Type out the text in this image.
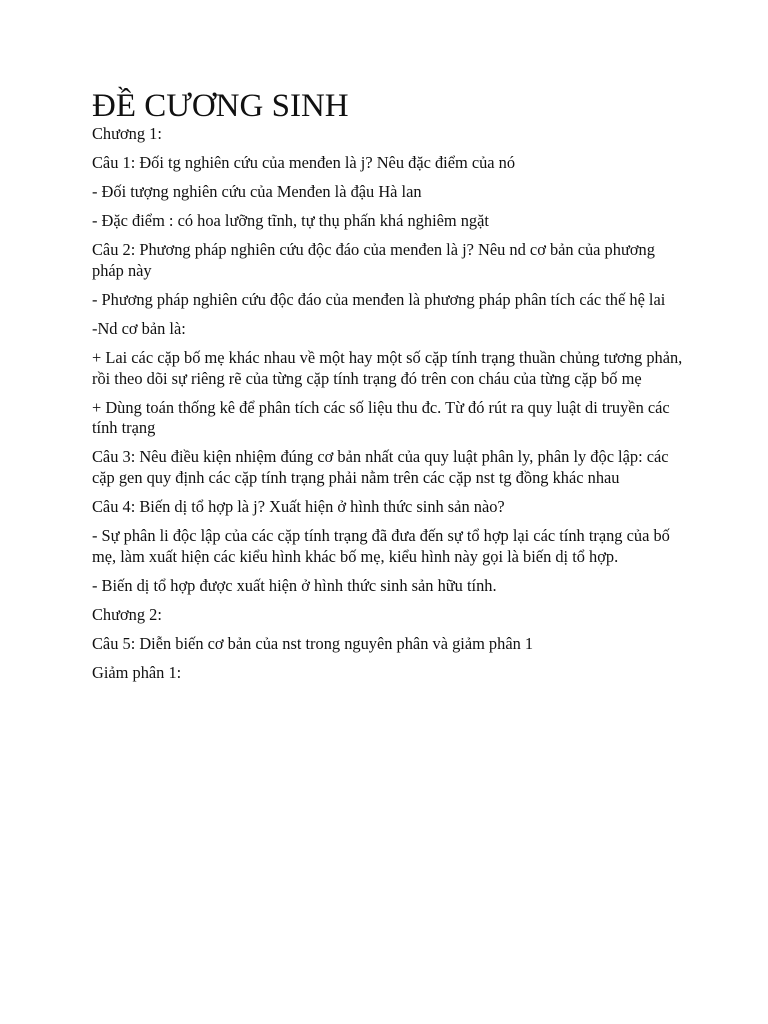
ĐỀ CƯƠNG SINH

Chương 1:

Câu 1: Đối tg nghiên cứu của menđen là j? Nêu đặc điểm của nó

- Đối tượng nghiên cứu của Menđen là đậu Hà lan

- Đặc điểm : có hoa lưỡng tĩnh, tự thụ phấn khá nghiêm ngặt

Câu 2: Phương pháp nghiên cứu độc đáo của menđen là j? Nêu nd cơ bản của phương pháp này

- Phương pháp nghiên cứu độc đáo của menđen là phương pháp phân tích các thế hệ lai

-Nd cơ bản là:

+ Lai các cặp bố mẹ khác nhau về một hay một số cặp tính trạng thuần chủng tương phản, rồi theo dõi sự riêng rẽ của từng cặp tính trạng đó trên con cháu của từng cặp bố mẹ

+ Dùng toán thống kê để phân tích các số liệu thu đc. Từ đó rút ra quy luật di truyền các tính trạng

Câu 3: Nêu điều kiện nhiệm đúng cơ bản nhất của quy luật phân ly, phân ly độc lập: các cặp gen quy định các cặp tính trạng phải nằm trên các cặp nst tg đồng khác nhau

Câu 4: Biến dị tổ hợp là j? Xuất hiện ở hình thức sinh sản nào?

- Sự phân li độc lập của các cặp tính trạng đã đưa đến sự tổ hợp lại các tính trạng của bố mẹ, làm xuất hiện các kiểu hình khác bố mẹ, kiểu hình này gọi là biến dị tổ hợp.

- Biến dị tổ hợp được xuất hiện ở hình thức sinh sản hữu tính.

Chương 2:

Câu 5: Diễn biến cơ bản của nst trong nguyên phân và giảm phân 1

Giảm phân 1:
